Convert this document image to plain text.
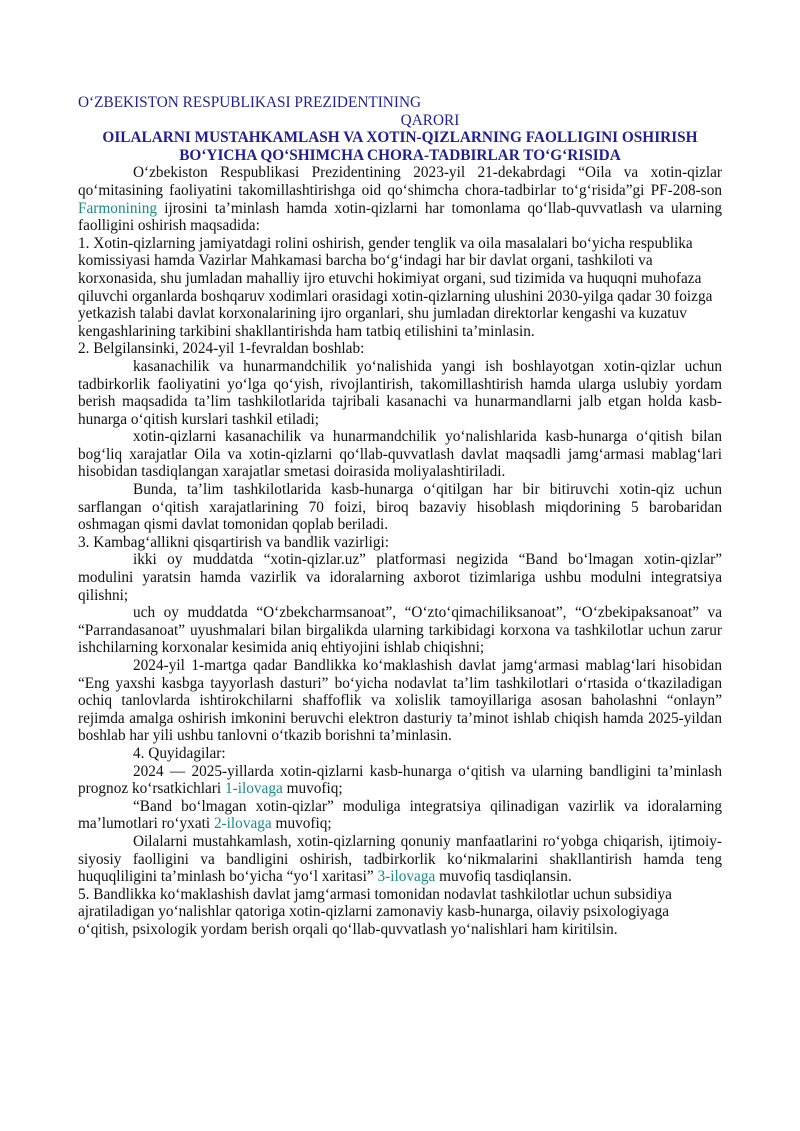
O‘ZBEKISTON RESPUBLIKASI PREZIDENTINING

QARORI

OILALARNI MUSTAHKAMLASH VA XOTIN-QIZLARNING FAOLLIGINI OSHIRISH
BO‘YICHA QO‘SHIMCHA CHORA-TADBIRLAR TO‘G‘RISIDA

O‘zbekiston Respublikasi Prezidentining 2023-yil 21-dekabrdagi “Oila va xotin-qizlar qo‘mitasining faoliyatini takomillashtirishga oid qo‘shimcha chora-tadbirlar to‘g‘risida”gi PF-208-son Farmonining ijrosini ta’minlash hamda xotin-qizlarni har tomonlama qo‘llab-quvvatlash va ularning faolligini oshirish maqsadida:

1. Xotin-qizlarning jamiyatdagi rolini oshirish, gender tenglik va oila masalalari bo‘yicha respublika komissiyasi hamda Vazirlar Mahkamasi barcha bo‘g‘indagi har bir davlat organi, tashkiloti va korxonasida, shu jumladan mahalliy ijro etuvchi hokimiyat organi, sud tizimida va huquqni muhofaza qiluvchi organlarda boshqaruv xodimlari orasidagi xotin-qizlarning ulushini 2030-yilga qadar 30 foizga yetkazish talabi davlat korxonalarining ijro organlari, shu jumladan direktorlar kengashi va kuzatuv kengashlarining tarkibini shakllantirishda ham tatbiq etilishini ta’minlasin.

2. Belgilansinki, 2024-yil 1-fevraldan boshlab:

kasanachilik va hunarmandchilik yo‘nalishida yangi ish boshlayotgan xotin-qizlar uchun tadbirkorlik faoliyatini yo‘lga qo‘yish, rivojlantirish, takomillashtirish hamda ularga uslubiy yordam berish maqsadida ta’lim tashkilotlarida tajribali kasanachi va hunarmandlarni jalb etgan holda kasb-hunarga o‘qitish kurslari tashkil etiladi;

xotin-qizlarni kasanachilik va hunarmandchilik yo‘nalishlarida kasb-hunarga o‘qitish bilan bog‘liq xarajatlar Oila va xotin-qizlarni qo‘llab-quvvatlash davlat maqsadli jamg‘armasi mablag‘lari hisobidan tasdiqlangan xarajatlar smetasi doirasida moliyalashtiriladi.

Bunda, ta’lim tashkilotlarida kasb-hunarga o‘qitilgan har bir bitiruvchi xotin-qiz uchun sarflangan o‘qitish xarajatlarining 70 foizi, biroq bazaviy hisoblash miqdorining 5 barobaridan oshmagan qismi davlat tomonidan qoplab beriladi.

3. Kambag‘allikni qisqartirish va bandlik vazirligi:

ikki oy muddatda “xotin-qizlar.uz” platformasi negizida “Band bo‘lmagan xotin-qizlar” modulini yaratsin hamda vazirlik va idoralarning axborot tizimlariga ushbu modulni integratsiya qilishni;

uch oy muddatda “O‘zbekcharmsanoat”, “O‘zto‘qimachiliksanoat”, “O‘zbekipaksanoat” va “Parrandasanoat” uyushmalari bilan birgalikda ularning tarkibidagi korxona va tashkilotlar uchun zarur ishchilarning korxonalar kesimida aniq ehtiyojini ishlab chiqishni;

2024-yil 1-martga qadar Bandlikka ko‘maklashish davlat jamg‘armasi mablag‘lari hisobidan “Eng yaxshi kasbga tayyorlash dasturi” bo‘yicha nodavlat ta’lim tashkilotlari o‘rtasida o‘tkaziladigan ochiq tanlovlarda ishtirokchilarni shaffoflik va xolislik tamoyillariga asosan baholashni “onlayn” rejimda amalga oshirish imkonini beruvchi elektron dasturiy ta’minot ishlab chiqish hamda 2025-yildan boshlab har yili ushbu tanlovni o‘tkazib borishni ta’minlasin.

4. Quyidagilar:

2024 — 2025-yillarda xotin-qizlarni kasb-hunarga o‘qitish va ularning bandligini ta’minlash prognoz ko‘rsatkichlari 1-ilovaga muvofiq;

“Band bo‘lmagan xotin-qizlar” moduliga integratsiya qilinadigan vazirlik va idoralarning ma’lumotlari ro‘yxati 2-ilovaga muvofiq;

Oilalarni mustahkamlash, xotin-qizlarning qonuniy manfaatlarini ro‘yobga chiqarish, ijtimoiy-siyosiy faolligini va bandligini oshirish, tadbirkorlik ko‘nikmalarini shakllantirish hamda teng huquqliligini ta’minlash bo‘yicha “yo‘l xaritasi” 3-ilovaga muvofiq tasdiqlansin.

5. Bandlikka ko‘maklashish davlat jamg‘armasi tomonidan nodavlat tashkilotlar uchun subsidiya ajratiladigan yo‘nalishlar qatoriga xotin-qizlarni zamonaviy kasb-hunarga, oilaviy psixologiyaga o‘qitish, psixologik yordam berish orqali qo‘llab-quvvatlash yo‘nalishlari ham kiritilsin.
